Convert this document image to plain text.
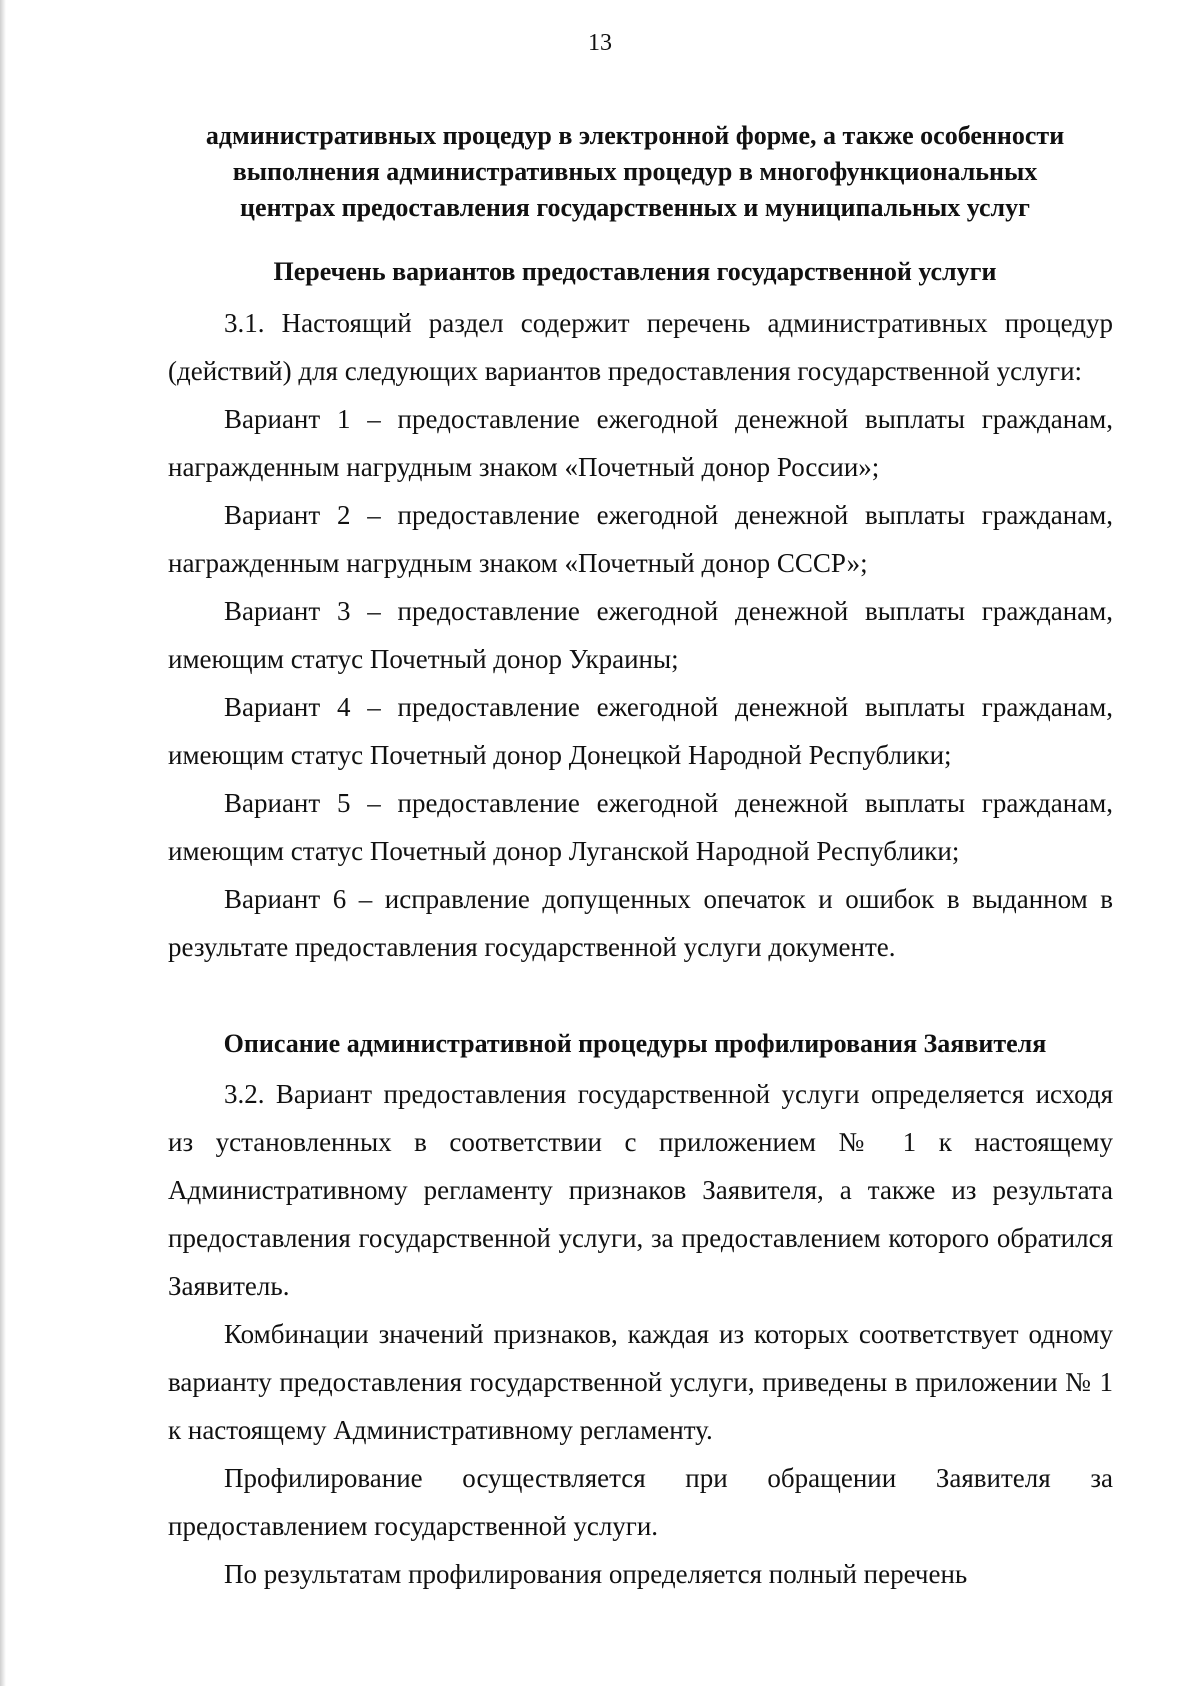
13
административных процедур в электронной форме, а также особенности
выполнения административных процедур в многофункциональных
центрах предоставления государственных и муниципальных услуг
Перечень вариантов предоставления государственной услуги

3.1. Настоящий раздел содержит перечень административных процедур (действий) для следующих вариантов предоставления государственной услуги:

Вариант 1 – предоставление ежегодной денежной выплаты гражданам, награжденным нагрудным знаком «Почетный донор России»;

Вариант 2 – предоставление ежегодной денежной выплаты гражданам, награжденным нагрудным знаком «Почетный донор СССР»;

Вариант 3 – предоставление ежегодной денежной выплаты гражданам, имеющим статус Почетный донор Украины;

Вариант 4 – предоставление ежегодной денежной выплаты гражданам, имеющим статус Почетный донор Донецкой Народной Республики;

Вариант 5 – предоставление ежегодной денежной выплаты гражданам, имеющим статус Почетный донор Луганской Народной Республики;

Вариант 6 – исправление допущенных опечаток и ошибок в выданном в результате предоставления государственной услуги документе.

Описание административной процедуры профилирования Заявителя

3.2. Вариант предоставления государственной услуги определяется исходя из установленных в соответствии с приложением № 1 к настоящему Административному регламенту признаков Заявителя, а также из результата предоставления государственной услуги, за предоставлением которого обратился Заявитель.

Комбинации значений признаков, каждая из которых соответствует одному варианту предоставления государственной услуги, приведены в приложении № 1 к настоящему Административному регламенту.

Профилирование осуществляется при обращении Заявителя за предоставлением государственной услуги.

По результатам профилирования определяется полный перечень
